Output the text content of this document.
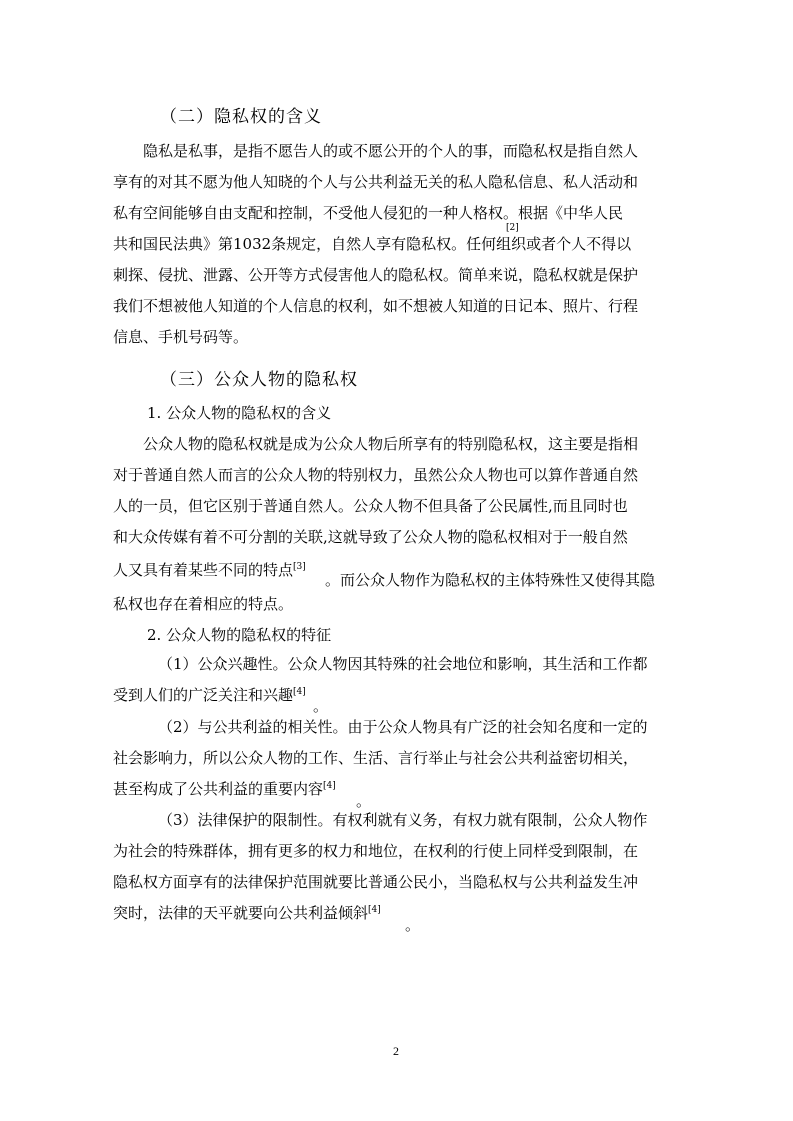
（二）隐私权的含义
隐私是私事，是指不愿告人的或不愿公开的个人的事，而隐私权是指自然人
享有的对其不愿为他人知晓的个人与公共利益无关的私人隐私信息、私人活动和
私有空间能够自由支配和控制，不受他人侵犯的一种人格权。根据《中华人民
共和国民法典》第1032条规定，自然人享有隐私权。任何组织或者个人不得以
刺探、侵扰、泄露、公开等方式侵害他人的隐私权。简单来说，隐私权就是保护
我们不想被他人知道的个人信息的权利，如不想被人知道的日记本、照片、行程
信息、手机号码等。
[2]
（三）公众人物的隐私权
1. 公众人物的隐私权的含义
公众人物的隐私权就是成为公众人物后所享有的特别隐私权，这主要是指相
对于普通自然人而言的公众人物的特别权力，虽然公众人物也可以算作普通自然
人的一员，但它区别于普通自然人。公众人物不但具备了公民属性,而且同时也
和大众传媒有着不可分割的关联,这就导致了公众人物的隐私权相对于一般自然
人又具有着某些不同的特点[3]
。而公众人物作为隐私权的主体特殊性又使得其隐
私权也存在着相应的特点。
2. 公众人物的隐私权的特征
（1）公众兴趣性。公众人物因其特殊的社会地位和影响，其生活和工作都
受到人们的广泛关注和兴趣[4]
。
（2）与公共利益的相关性。由于公众人物具有广泛的社会知名度和一定的
社会影响力，所以公众人物的工作、生活、言行举止与社会公共利益密切相关，
甚至构成了公共利益的重要内容[4]
。
（3）法律保护的限制性。有权利就有义务，有权力就有限制，公众人物作
为社会的特殊群体，拥有更多的权力和地位，在权利的行使上同样受到限制，在
隐私权方面享有的法律保护范围就要比普通公民小，当隐私权与公共利益发生冲
突时，法律的天平就要向公共利益倾斜[4]
。
2
